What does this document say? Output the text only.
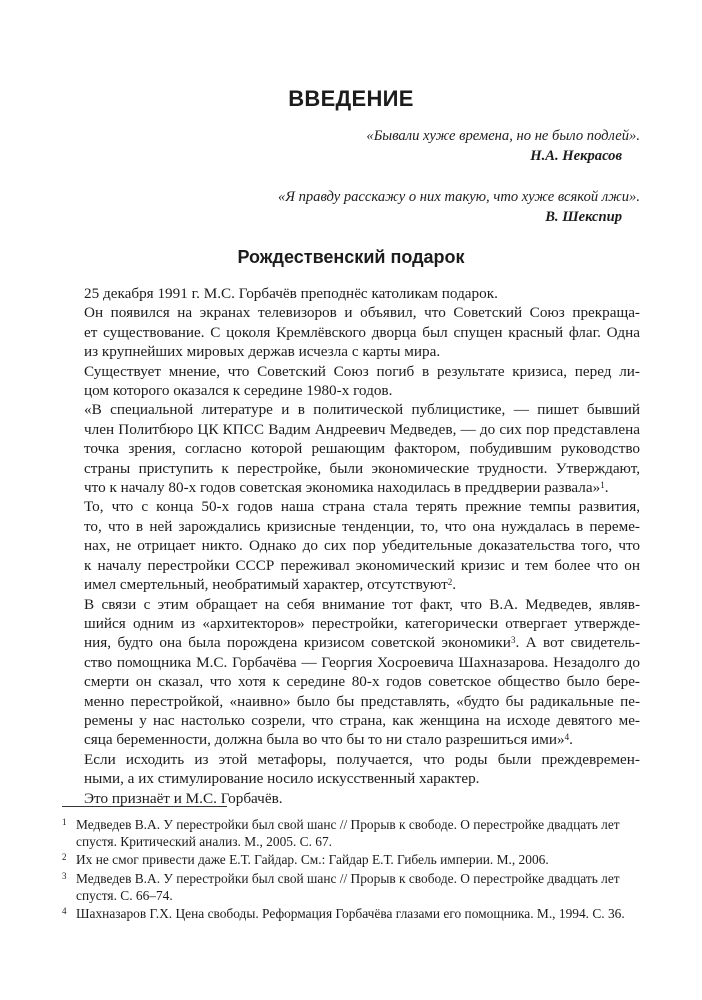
ВВЕДЕНИЕ
«Бывали хуже времена, но не было подлей».
Н.А. Некрасов
«Я правду расскажу о них такую, что хуже всякой лжи».
В. Шекспир
Рождественский подарок

25 декабря 1991 г. М.С. Горбачёв преподнёс католикам подарок.

Он появился на экранах телевизоров и объявил, что Советский Союз прекраща-
ет существование. С цоколя Кремлёвского дворца был спущен красный флаг. Одна
из крупнейших мировых держав исчезла с карты мира.

Существует мнение, что Советский Союз погиб в результате кризиса, перед ли-
цом которого оказался к середине 1980-х годов.

«В специальной литературе и в политической публицистике, — пишет бывший
член Политбюро ЦК КПСС Вадим Андреевич Медведев, — до сих пор представлена
точка зрения, согласно которой решающим фактором, побудившим руководство
страны приступить к перестройке, были экономические трудности. Утверждают,
что к началу 80-х годов советская экономика находилась в преддверии развала»$^1$.

То, что с конца 50-х годов наша страна стала терять прежние темпы развития,
то, что в ней зарождались кризисные тенденции, то, что она нуждалась в переме-
нах, не отрицает никто. Однако до сих пор убедительные доказательства того, что
к началу перестройки СССР переживал экономический кризис и тем более что он
имел смертельный, необратимый характер, отсутствуют$^2$.

В связи с этим обращает на себя внимание тот факт, что В.А. Медведев, являв-
шийся одним из «архитекторов» перестройки, категорически отвергает утвержде-
ния, будто она была порождена кризисом советской экономики$^3$. А вот свидетель-
ство помощника М.С. Горбачёва — Георгия Хосроевича Шахназарова. Незадолго до
смерти он сказал, что хотя к середине 80-х годов советское общество было бере-
менно перестройкой, «наивно» было бы представлять, «будто бы радикальные пе-
ремены у нас настолько созрели, что страна, как женщина на исходе девятого ме-
сяца беременности, должна была во что бы то ни стало разрешиться ими»$^4$.

Если исходить из этой метафоры, получается, что роды были преждевремен-
ными, а их стимулирование носило искусственный характер.

Это признаёт и М.С. Горбачёв.

1 Медведев В.А. У перестройки был свой шанс // Прорыв к свободе. О перестройке двадцать лет спустя. Критический анализ. М., 2005. С. 67.
2 Их не смог привести даже Е.Т. Гайдар. См.: Гайдар Е.Т. Гибель империи. М., 2006.
3 Медведев В.А. У перестройки был свой шанс // Прорыв к свободе. О перестройке двадцать лет спустя. С. 66–74.
4 Шахназаров Г.Х. Цена свободы. Реформация Горбачёва глазами его помощника. М., 1994. С. 36.
